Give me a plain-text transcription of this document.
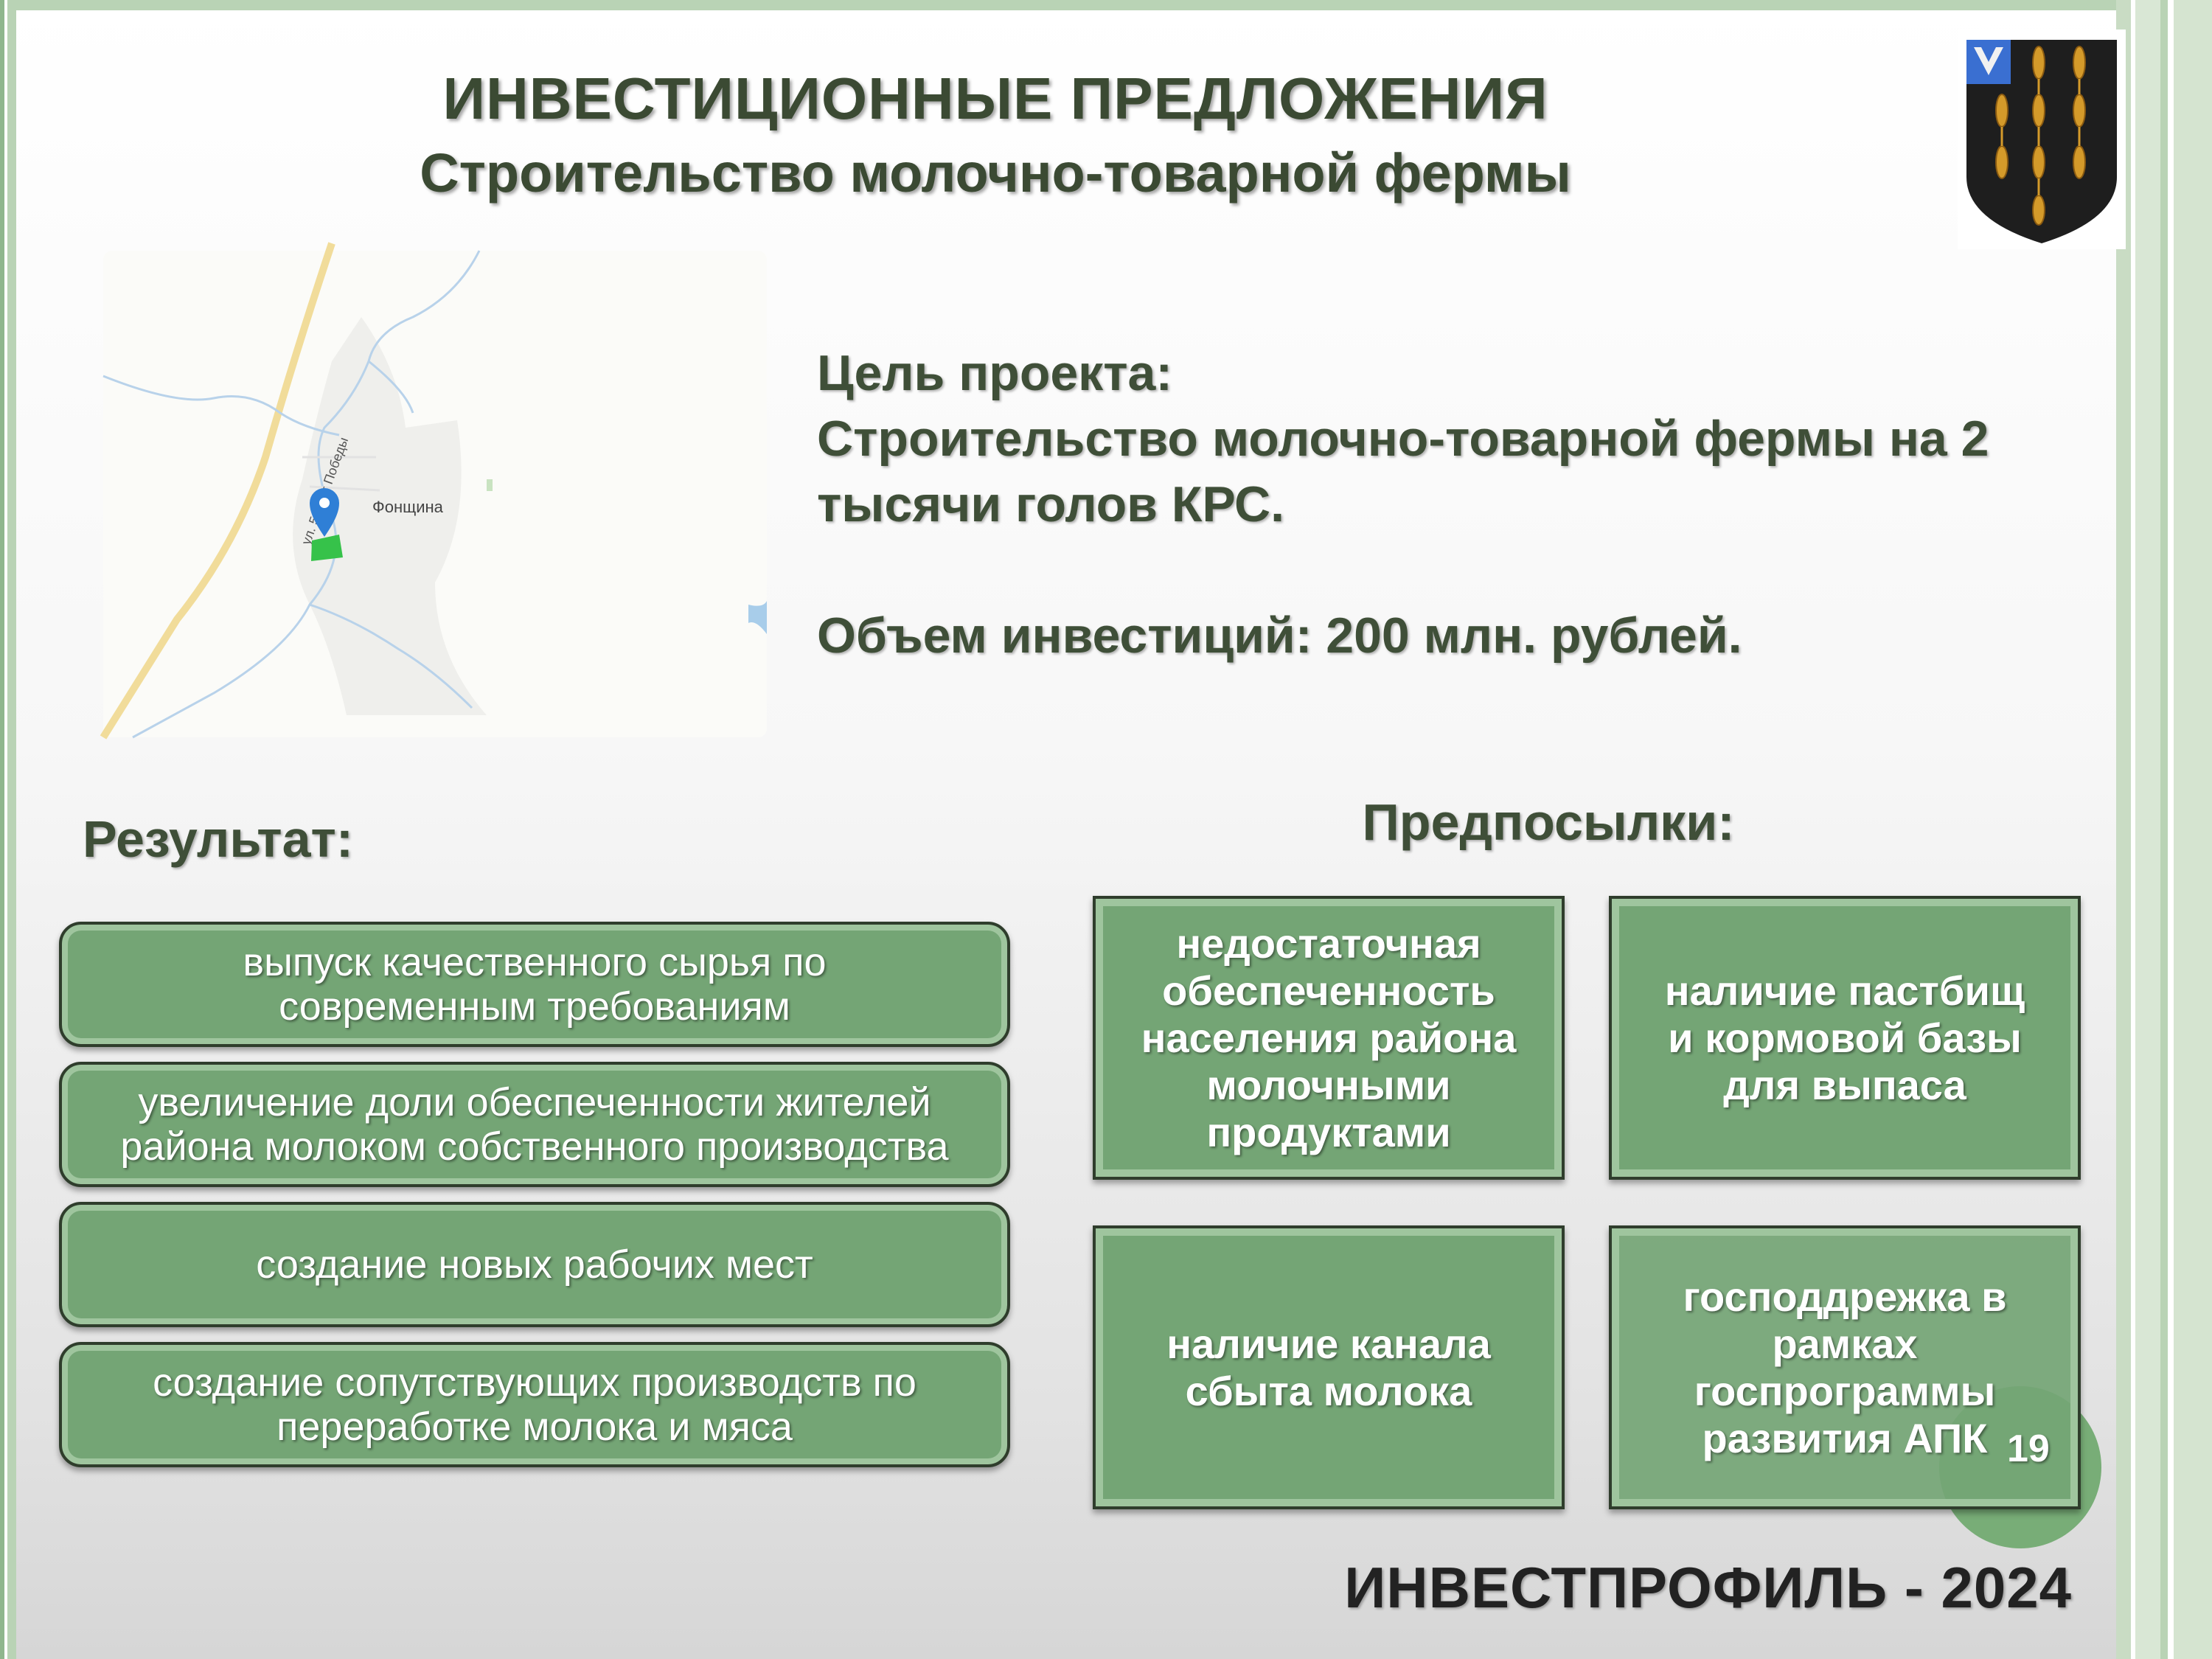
ИНВЕСТИЦИОННЫЕ ПРЕДЛОЖЕНИЯ
Строительство молочно-товарной фермы
ул. Победы
Фонщина
Цель проекта:
Строительство молочно-товарной фермы на 2
тысячи голов КРС.
Объем инвестиций: 200 млн. рублей.
Результат:	Предпосылки:
выпуск качественного сырья по
современным требованиям
увеличение доли обеспеченности жителей
района молоком собственного производства
создание новых рабочих мест
создание сопутствующих производств по
переработке молока и мяса
недостаточная
обеспеченность
населения района
молочными
продуктами
наличие пастбищ
и кормовой базы
для выпаса
наличие канала
сбыта молока
господдрежка в
рамках
госпрограммы
развития АПК 19
ИНВЕСТПРОФИЛЬ - 2024
